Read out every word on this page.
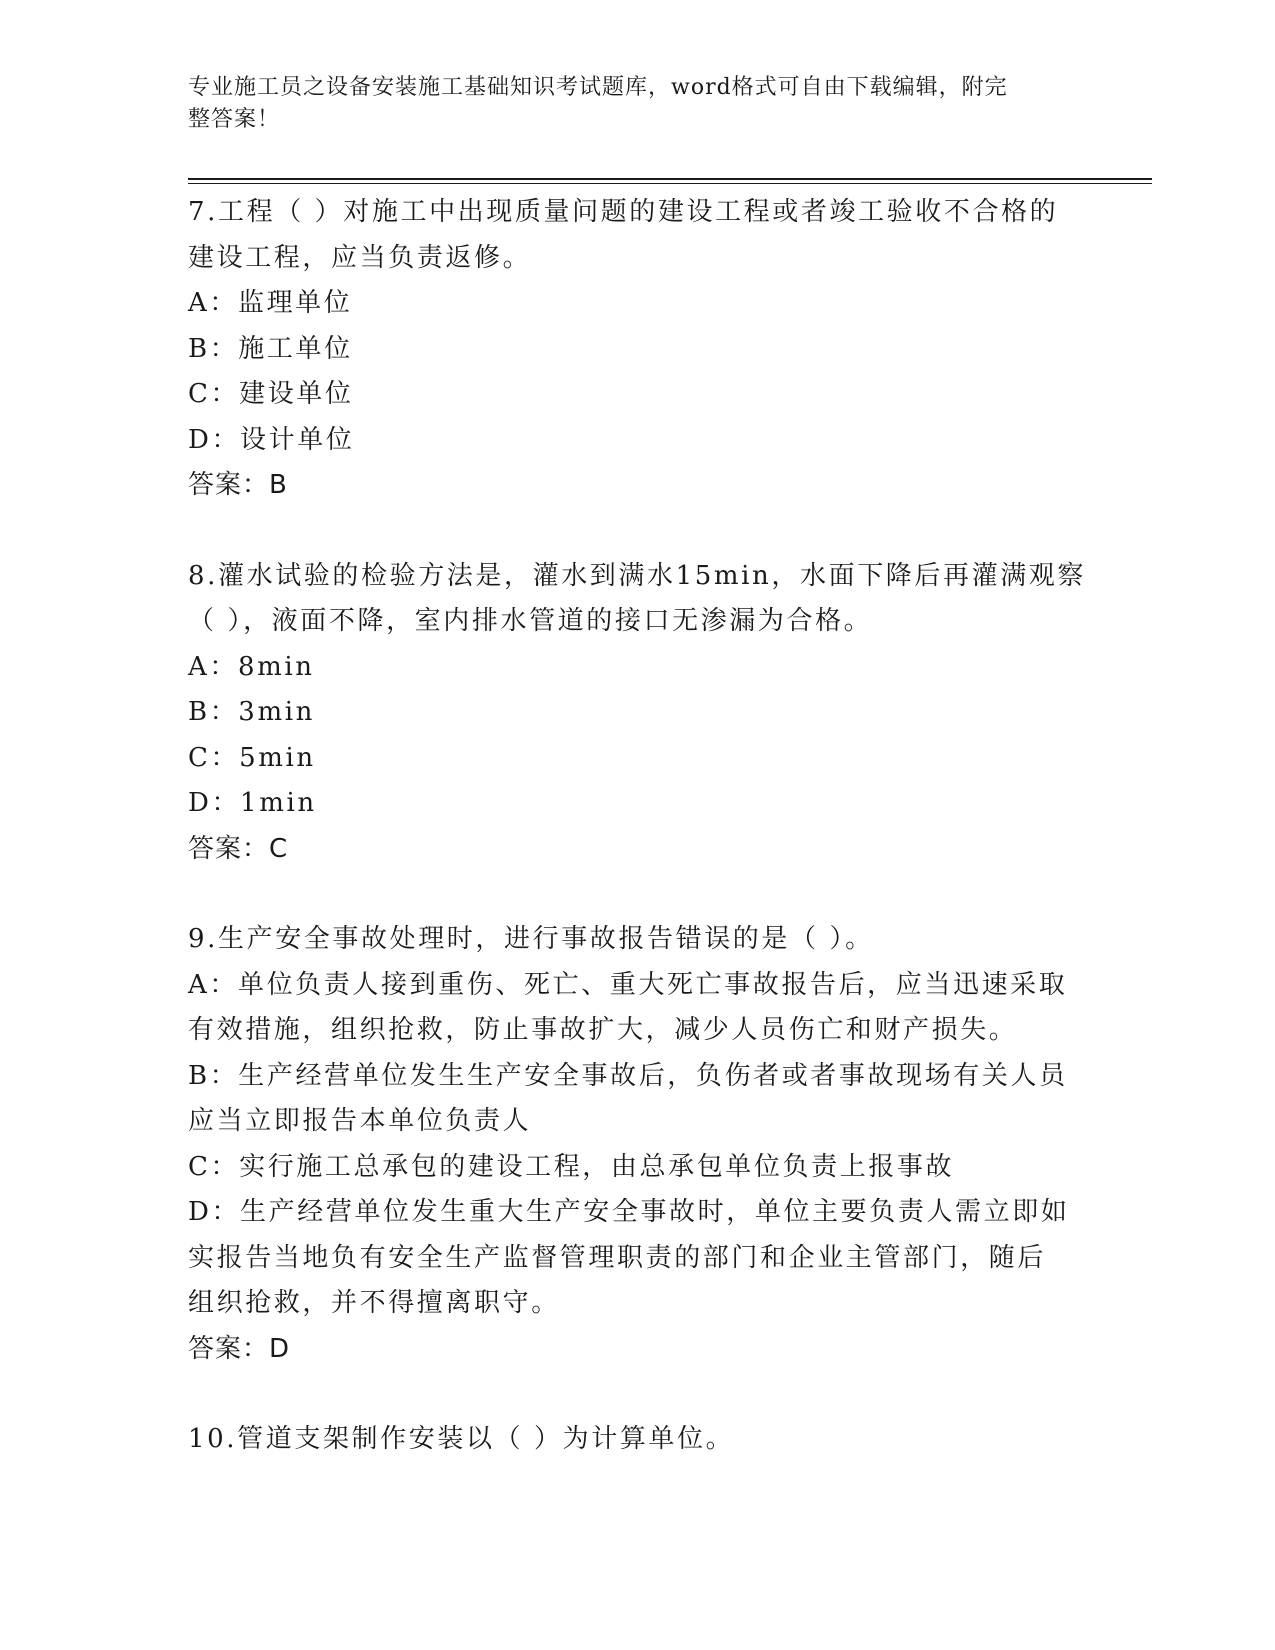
专业施工员之设备安装施工基础知识考试题库，word格式可自由下载编辑，附完
整答案！
7.工程（ ）对施工中出现质量问题的建设工程或者竣工验收不合格的
建设工程，应当负责返修。
A：监理单位
B：施工单位
C：建设单位
D：设计单位
答案：B
8.灌水试验的检验方法是，灌水到满水15min，水面下降后再灌满观察
（ ），液面不降，室内排水管道的接口无渗漏为合格。
A：8min
B：3min
C：5min
D：1min
答案：C
9.生产安全事故处理时，进行事故报告错误的是（ ）。
A：单位负责人接到重伤、死亡、重大死亡事故报告后，应当迅速采取
有效措施，组织抢救，防止事故扩大，减少人员伤亡和财产损失。
B：生产经营单位发生生产安全事故后，负伤者或者事故现场有关人员
应当立即报告本单位负责人
C：实行施工总承包的建设工程，由总承包单位负责上报事故
D：生产经营单位发生重大生产安全事故时，单位主要负责人需立即如
实报告当地负有安全生产监督管理职责的部门和企业主管部门，随后
组织抢救，并不得擅离职守。
答案：D
10.管道支架制作安装以（ ）为计算单位。
